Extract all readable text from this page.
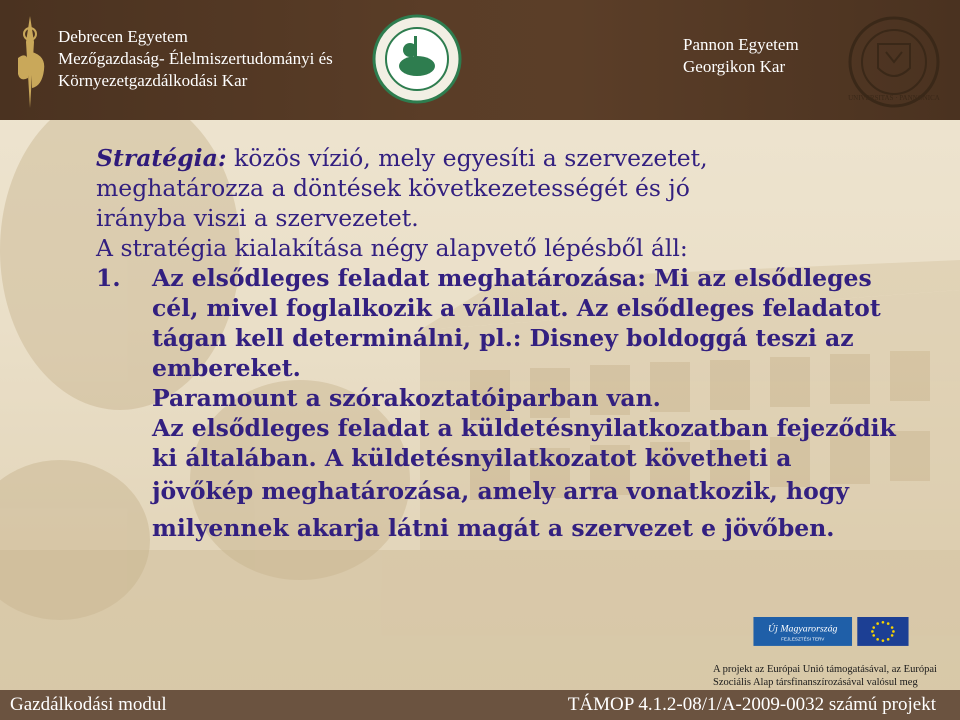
Debrecen Egyetem
Mezőgazdaság- Élelmiszertudományi és
Környezetgazdálkodási Kar
Pannon Egyetem
Georgikon Kar
UNIVERSITAS · PANNONICA
Stratégia: közös vízió, mely egyesíti a szervezetet,
meghatározza a döntések következetességét és jó
irányba viszi a szervezetet.
A stratégia kialakítása négy alapvető lépésből áll:
1. Az elsődleges feladat meghatározása: Mi az elsődleges
cél, mivel foglalkozik a vállalat. Az elsődleges feladatot
tágan kell determinálni, pl.: Disney boldoggá teszi az
embereket.
Paramount a szórakoztatóiparban van.
Az elsődleges feladat a küldetésnyilatkozatban fejeződik
ki általában. A küldetésnyilatkozatot követheti a
jövőkép meghatározása, amely arra vonatkozik, hogy
milyennek akarja látni magát a szervezet e jövőben.
Új Magyarország
FEJLESZTÉSI TERV
A projekt az Európai Unió támogatásával, az Európai
Szociális Alap társfinanszírozásával valósul meg
Gazdálkodási modul	TÁMOP 4.1.2-08/1/A-2009-0032 számú projekt
